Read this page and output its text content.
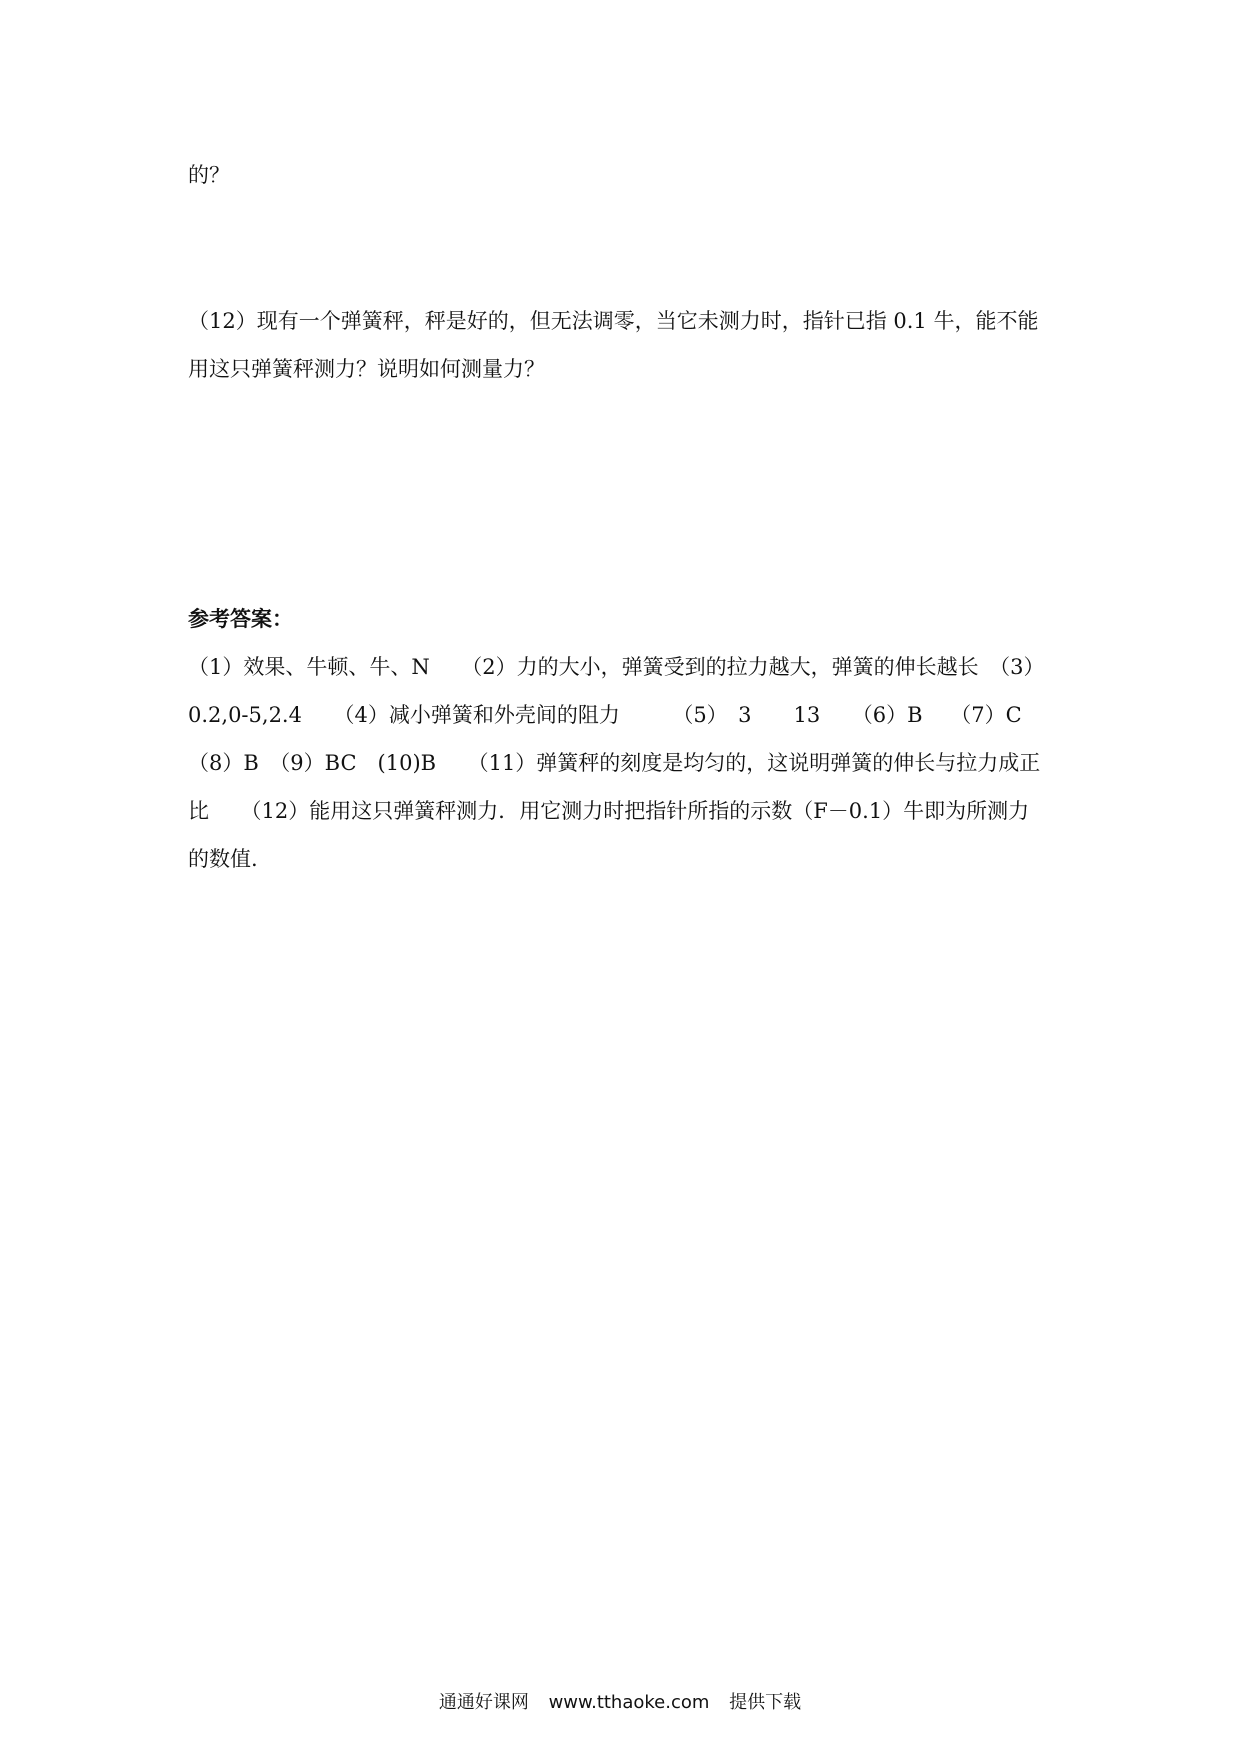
的？
（12）现有一个弹簧秤，秤是好的，但无法调零，当它未测力时，指针已指 0.1 牛，能不能
用这只弹簧秤测力？说明如何测量力？
参考答案：
（1）效果、牛顿、牛、N　　（2）力的大小，弹簧受到的拉力越大，弹簧的伸长越长　（3）
0.2,0-5,2.4　　（4）减小弹簧和外壳间的阻力　　　（5）　3　　13　　（6）B　 （7）C
（8）B　（9）BC　(10)B　　（11）弹簧秤的刻度是均匀的，这说明弹簧的伸长与拉力成正
比　　（12）能用这只弹簧秤测力．用它测力时把指针所指的示数（F－0.1）牛即为所测力
的数值.
通通好课网 www.tthaoke.com 提供下载
